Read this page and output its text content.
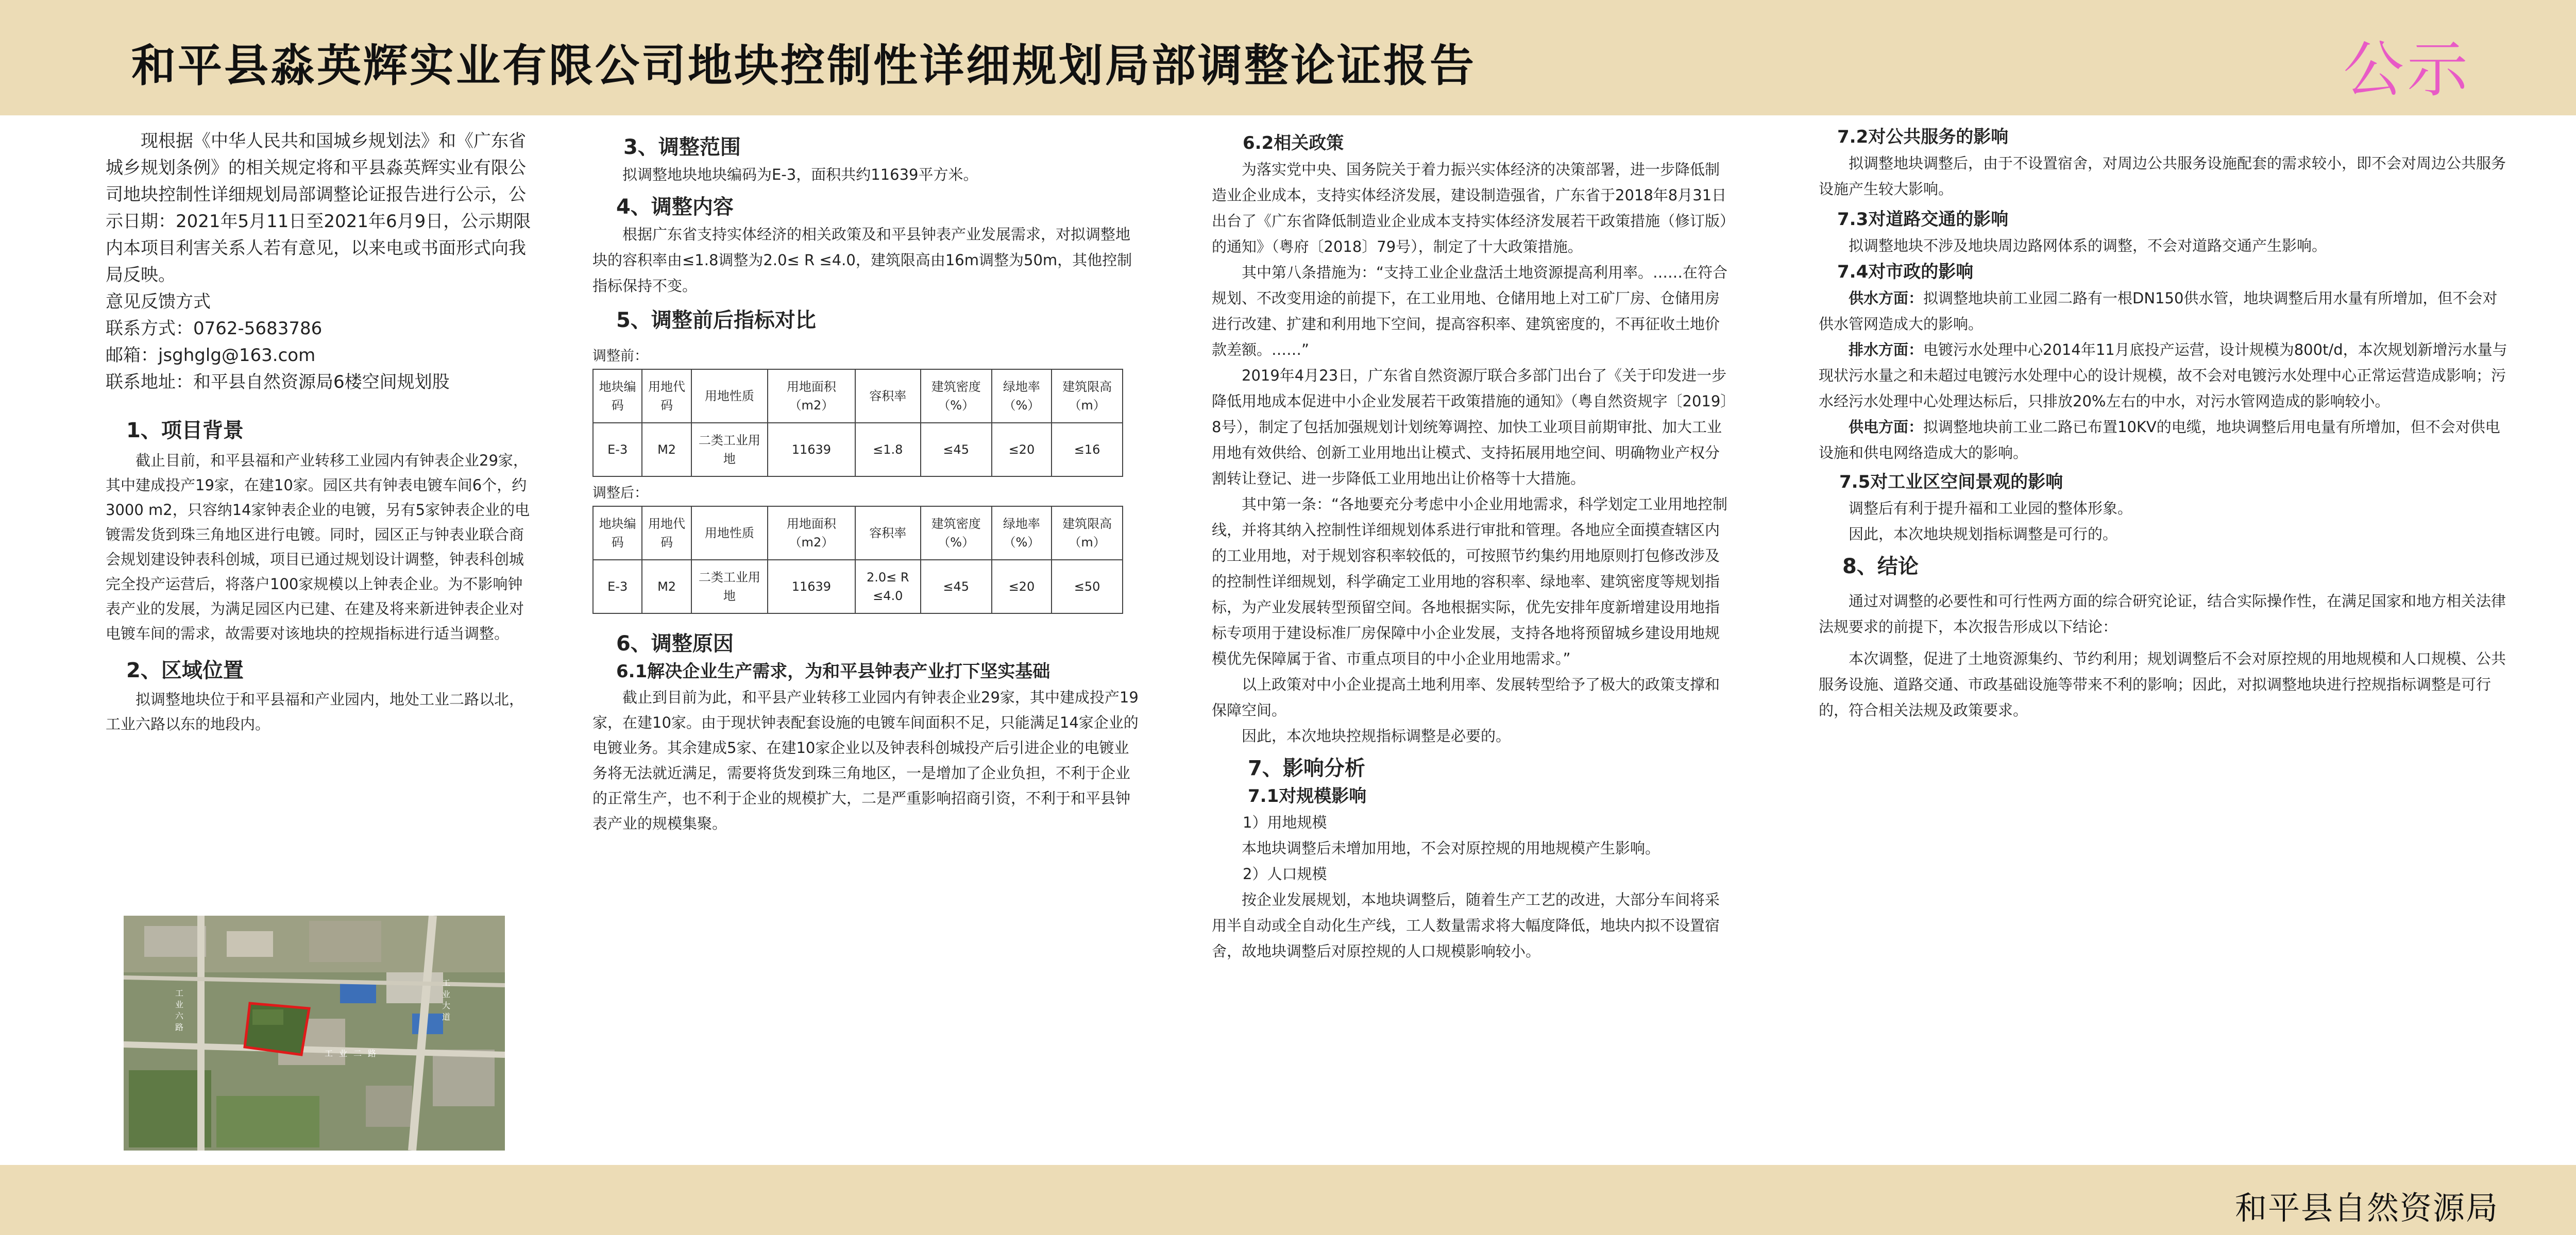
和平县淼英辉实业有限公司地块控制性详细规划局部调整论证报告	公示

现根据《中华人民共和国城乡规划法》和《广东省城乡规划条例》的相关规定将和平县淼英辉实业有限公司地块控制性详细规划局部调整论证报告进行公示，公示日期：2021年5月11日至2021年6月9日，公示期限内本项目利害关系人若有意见，以来电或书面形式向我局反映。

意见反馈方式

联系方式：0762-5683786

邮箱：jsghglg@163.com

联系地址：和平县自然资源局6楼空间规划股

1、项目背景

截止目前，和平县福和产业转移工业园内有钟表企业29家，其中建成投产19家，在建10家。园区共有钟表电镀车间6个，约3000 m2，只容纳14家钟表企业的电镀，另有5家钟表企业的电镀需发货到珠三角地区进行电镀。同时，园区正与钟表业联合商会规划建设钟表科创城，项目已通过规划设计调整，钟表科创城完全投产运营后，将落户100家规模以上钟表企业。为不影响钟表产业的发展，为满足园区内已建、在建及将来新进钟表企业对电镀车间的需求，故需要对该地块的控规指标进行适当调整。

2、区域位置

拟调整地块位于和平县福和产业园内，地处工业二路以北，工业六路以东的地段内。

工业六路
工业二路
工业大道

3、调整范围

拟调整地块地块编码为E-3，面积共约11639平方米。

4、调整内容

根据广东省支持实体经济的相关政策及和平县钟表产业发展需求，对拟调整地块的容积率由≤1.8调整为2.0≤ R ≤4.0，建筑限高由16m调整为50m，其他控制指标保持不变。

5、调整前后指标对比

调整前：

地块编码	用地代码	用地性质	用地面积（m2）	容积率	建筑密度（%）	绿地率（%）	建筑限高（m）
E-3	M2	二类工业用地	11639	≤1.8	≤45	≤20	≤16

调整后：

地块编码	用地代码	用地性质	用地面积（m2）	容积率	建筑密度（%）	绿地率（%）	建筑限高（m）
E-3	M2	二类工业用地	11639	2.0≤ R ≤4.0	≤45	≤20	≤50

6、调整原因

6.1解决企业生产需求，为和平县钟表产业打下坚实基础

截止到目前为此，和平县产业转移工业园内有钟表企业29家，其中建成投产19家，在建10家。由于现状钟表配套设施的电镀车间面积不足，只能满足14家企业的电镀业务。其余建成5家、在建10家企业以及钟表科创城投产后引进企业的电镀业务将无法就近满足，需要将货发到珠三角地区，一是增加了企业负担，不利于企业的正常生产，也不利于企业的规模扩大，二是严重影响招商引资，不利于和平县钟表产业的规模集聚。

6.2相关政策

为落实党中央、国务院关于着力振兴实体经济的决策部署，进一步降低制造业企业成本，支持实体经济发展，建设制造强省，广东省于2018年8月31日出台了《广东省降低制造业企业成本支持实体经济发展若干政策措施（修订版）的通知》（粤府〔2018〕79号），制定了十大政策措施。

其中第八条措施为：“支持工业企业盘活土地资源提高利用率。……在符合规划、不改变用途的前提下，在工业用地、仓储用地上对工矿厂房、仓储用房进行改建、扩建和利用地下空间，提高容积率、建筑密度的，不再征收土地价款差额。……”

2019年4月23日，广东省自然资源厅联合多部门出台了《关于印发进一步降低用地成本促进中小企业发展若干政策措施的通知》（粤自然资规字〔2019〕8号），制定了包括加强规划计划统筹调控、加快工业项目前期审批、加大工业用地有效供给、创新工业用地出让模式、支持拓展用地空间、明确物业产权分割转让登记、进一步降低工业用地出让价格等十大措施。

其中第一条：“各地要充分考虑中小企业用地需求，科学划定工业用地控制线，并将其纳入控制性详细规划体系进行审批和管理。各地应全面摸查辖区内的工业用地，对于规划容积率较低的，可按照节约集约用地原则打包修改涉及的控制性详细规划，科学确定工业用地的容积率、绿地率、建筑密度等规划指标，为产业发展转型预留空间。各地根据实际，优先安排年度新增建设用地指标专项用于建设标准厂房保障中小企业发展，支持各地将预留城乡建设用地规模优先保障属于省、市重点项目的中小企业用地需求。”

以上政策对中小企业提高土地利用率、发展转型给予了极大的政策支撑和保障空间。

因此，本次地块控规指标调整是必要的。

7、影响分析

7.1对规模影响

1）用地规模

本地块调整后未增加用地，不会对原控规的用地规模产生影响。

2）人口规模

按企业发展规划，本地块调整后，随着生产工艺的改进，大部分车间将采用半自动或全自动化生产线，工人数量需求将大幅度降低，地块内拟不设置宿舍，故地块调整后对原控规的人口规模影响较小。

7.2对公共服务的影响

拟调整地块调整后，由于不设置宿舍，对周边公共服务设施配套的需求较小，即不会对周边公共服务设施产生较大影响。

7.3对道路交通的影响

拟调整地块不涉及地块周边路网体系的调整，不会对道路交通产生影响。

7.4对市政的影响

供水方面：拟调整地块前工业园二路有一根DN150供水管，地块调整后用水量有所增加，但不会对供水管网造成大的影响。

排水方面：电镀污水处理中心2014年11月底投产运营，设计规模为800t/d，本次规划新增污水量与现状污水量之和未超过电镀污水处理中心的设计规模，故不会对电镀污水处理中心正常运营造成影响；污水经污水处理中心处理达标后，只排放20%左右的中水，对污水管网造成的影响较小。

供电方面：拟调整地块前工业二路已布置10KV的电缆，地块调整后用电量有所增加，但不会对供电设施和供电网络造成大的影响。

7.5对工业区空间景观的影响

调整后有利于提升福和工业园的整体形象。

因此，本次地块规划指标调整是可行的。

8、结论

通过对调整的必要性和可行性两方面的综合研究论证，结合实际操作性，在满足国家和地方相关法律法规要求的前提下，本次报告形成以下结论：

本次调整，促进了土地资源集约、节约利用；规划调整后不会对原控规的用地规模和人口规模、公共服务设施、道路交通、市政基础设施等带来不利的影响；因此，对拟调整地块进行控规指标调整是可行的，符合相关法规及政策要求。

和平县自然资源局
